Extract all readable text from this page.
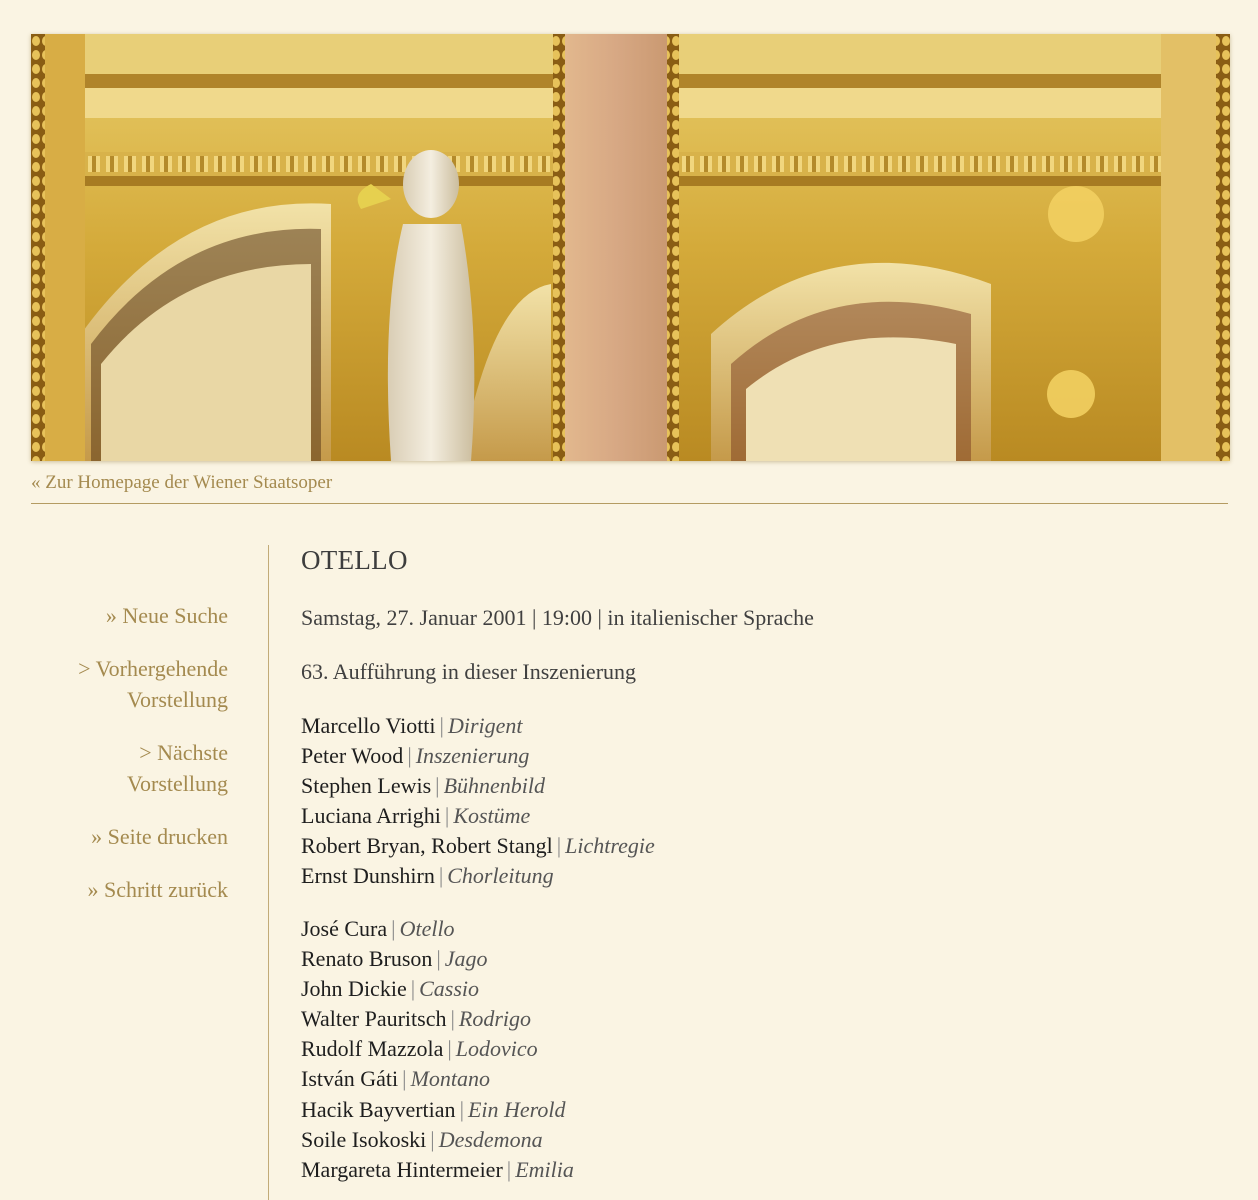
« Zur Homepage der Wiener Staatsoper
» Neue Suche
> Vorhergehende
Vorstellung
> Nächste
Vorstellung
» Seite drucken
» Schritt zurück
OTELLO
Samstag, 27. Januar 2001 | 19:00 | in italienischer Sprache
63. Aufführung in dieser Inszenierung
Marcello Viotti | Dirigent
Peter Wood | Inszenierung
Stephen Lewis | Bühnenbild
Luciana Arrighi | Kostüme
Robert Bryan, Robert Stangl | Lichtregie
Ernst Dunshirn | Chorleitung
José Cura | Otello
Renato Bruson | Jago
John Dickie | Cassio
Walter Pauritsch | Rodrigo
Rudolf Mazzola | Lodovico
István Gáti | Montano
Hacik Bayvertian | Ein Herold
Soile Isokoski | Desdemona
Margareta Hintermeier | Emilia
